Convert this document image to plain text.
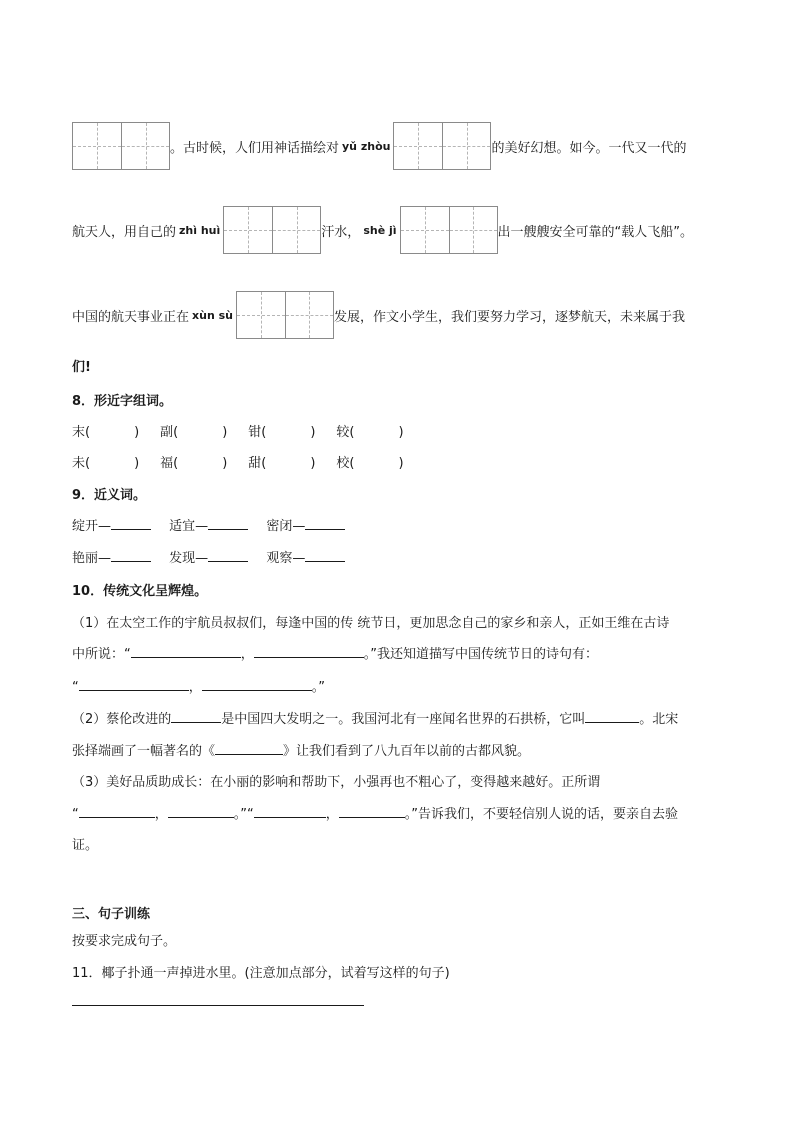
。古时候，人们用神话描绘对 yǔ zhòu	的美好幻想。如今。一代又一代的
航天人，用自己的 zhì huì	汗水， shè jì	出一艘艘安全可靠的“载人飞船”。
中国的航天事业正在 xùn sù	发展，作文小学生，我们要努力学习，逐梦航天，未来属于我
们!
8．形近字组词。
末(	) 副(	) 钳(	) 较(	)
未(	) 福(	) 甜(	) 校(	)
9．近义词。
绽开—	适宜—	密闭—
艳丽—	发现—	观察—
10．传统文化呈辉煌。
（1）在太空工作的宇航员叔叔们，每逢中国的传 统节日，更加思念自己的家乡和亲人，正如王维在古诗
中所说：“	，	。”我还知道描写中国传统节日的诗句有：
“	，	。”
（2）蔡伦改进的	是中国四大发明之一。我国河北有一座闻名世界的石拱桥，它叫	。北宋
张择端画了一幅著名的《	》让我们看到了八九百年以前的古都风貌。
（3）美好品质助成长：在小丽的影响和帮助下，小强再也不粗心了，变得越来越好。正所谓
“	，	。”“	，	。”告诉我们，不要轻信别人说的话，要亲自去验
证。
三、句子训练
按要求完成句子。
11．椰子扑通一声掉进水里。(注意加点部分，试着写这样的句子)
